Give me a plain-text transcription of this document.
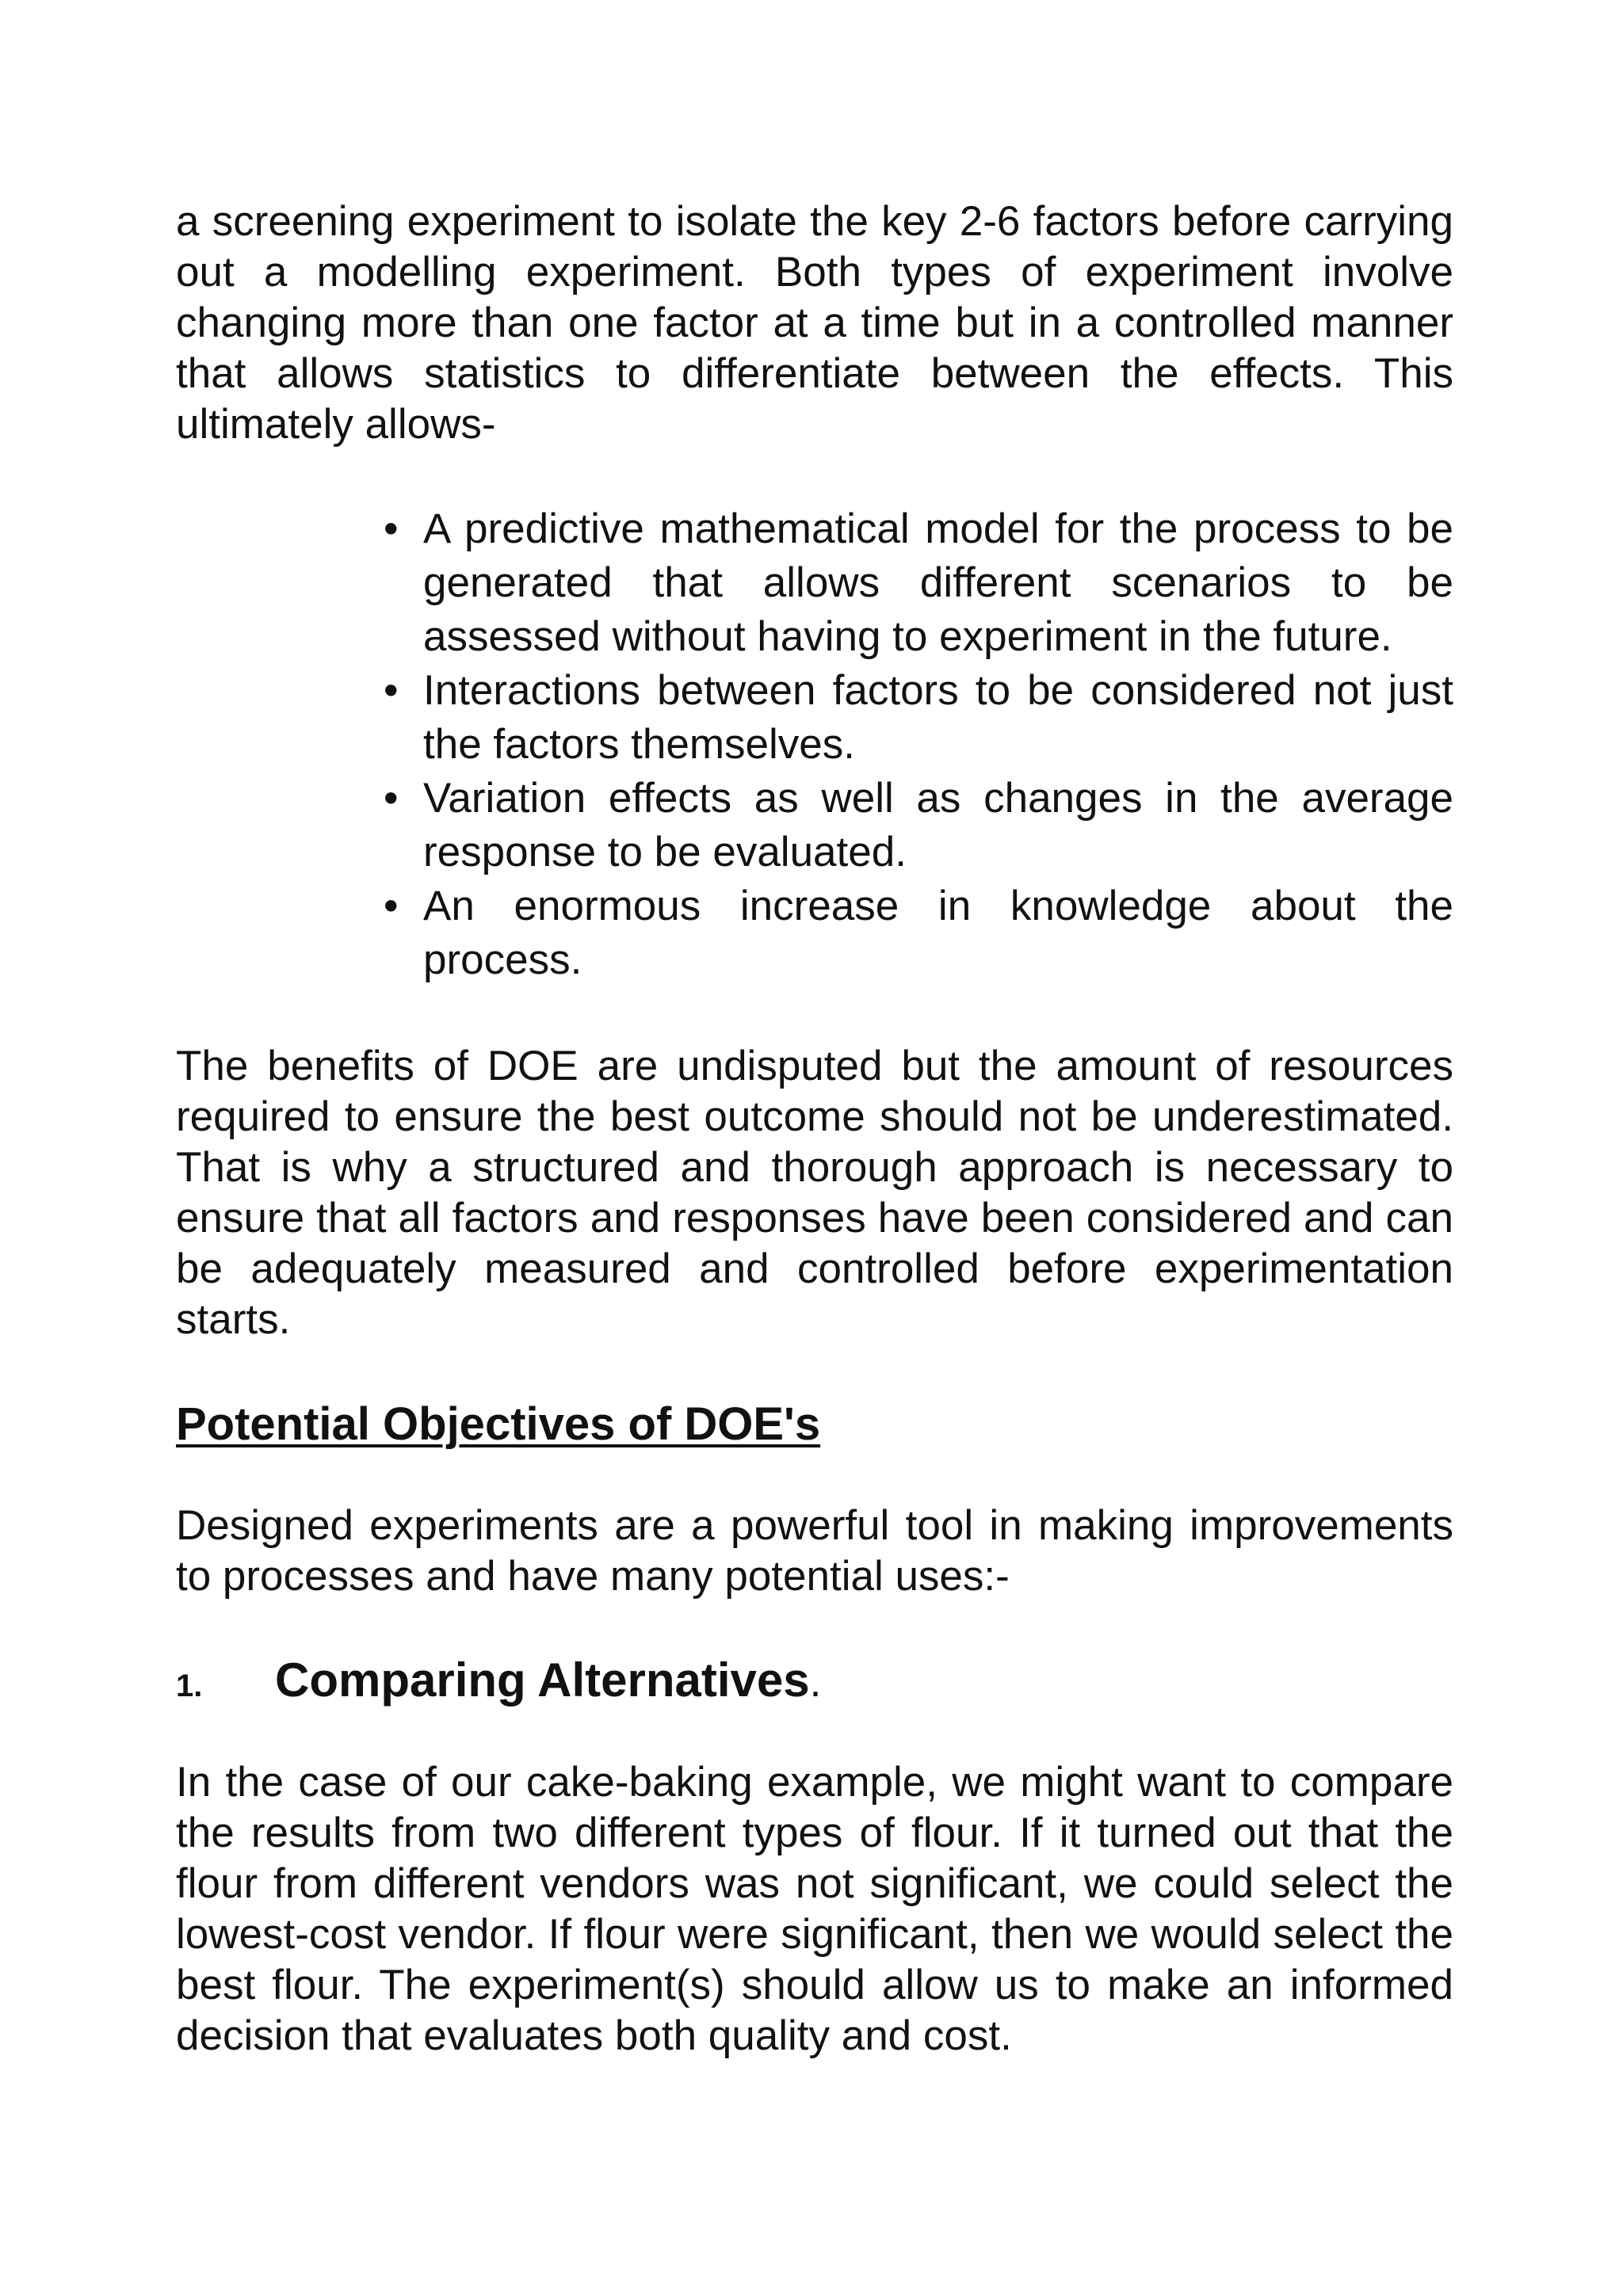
a screening experiment to isolate the key 2-6 factors before carrying out a modelling experiment. Both types of experiment involve changing more than one factor at a time but in a controlled manner that allows statistics to differentiate between the effects. This ultimately allows-

• A predictive mathematical model for the process to be generated that allows different scenarios to be assessed without having to experiment in the future.
• Interactions between factors to be considered not just the factors themselves.
• Variation effects as well as changes in the average response to be evaluated.
• An enormous increase in knowledge about the process.

The benefits of DOE are undisputed but the amount of resources required to ensure the best outcome should not be underestimated. That is why a structured and thorough approach is necessary to ensure that all factors and responses have been considered and can be adequately measured and controlled before experimentation starts.

Potential Objectives of DOE's

Designed experiments are a powerful tool in making improvements to processes and have many potential uses:-

1.	Comparing Alternatives .

In the case of our cake-baking example, we might want to compare the results from two different types of flour. If it turned out that the flour from different vendors was not significant, we could select the lowest-cost vendor. If flour were significant, then we would select the best flour. The experiment(s) should allow us to make an informed decision that evaluates both quality and cost.
